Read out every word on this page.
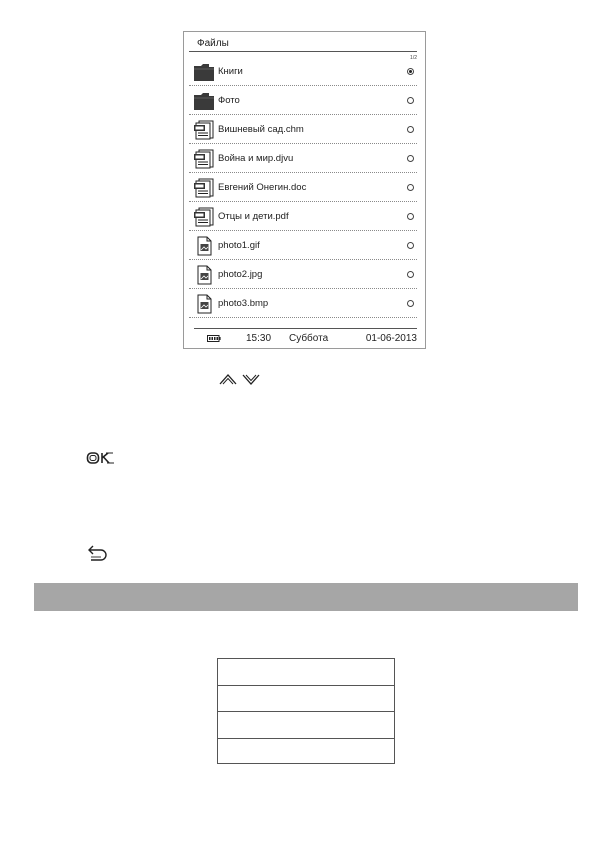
Файлы
1/2
Книги
Фото
Вишневый сад.chm
Война и мир.djvu
Евгений Онегин.doc
Отцы и дети.pdf
photo1.gif
photo2.jpg
photo3.bmp
15:30 Суббота	01-06-2013
